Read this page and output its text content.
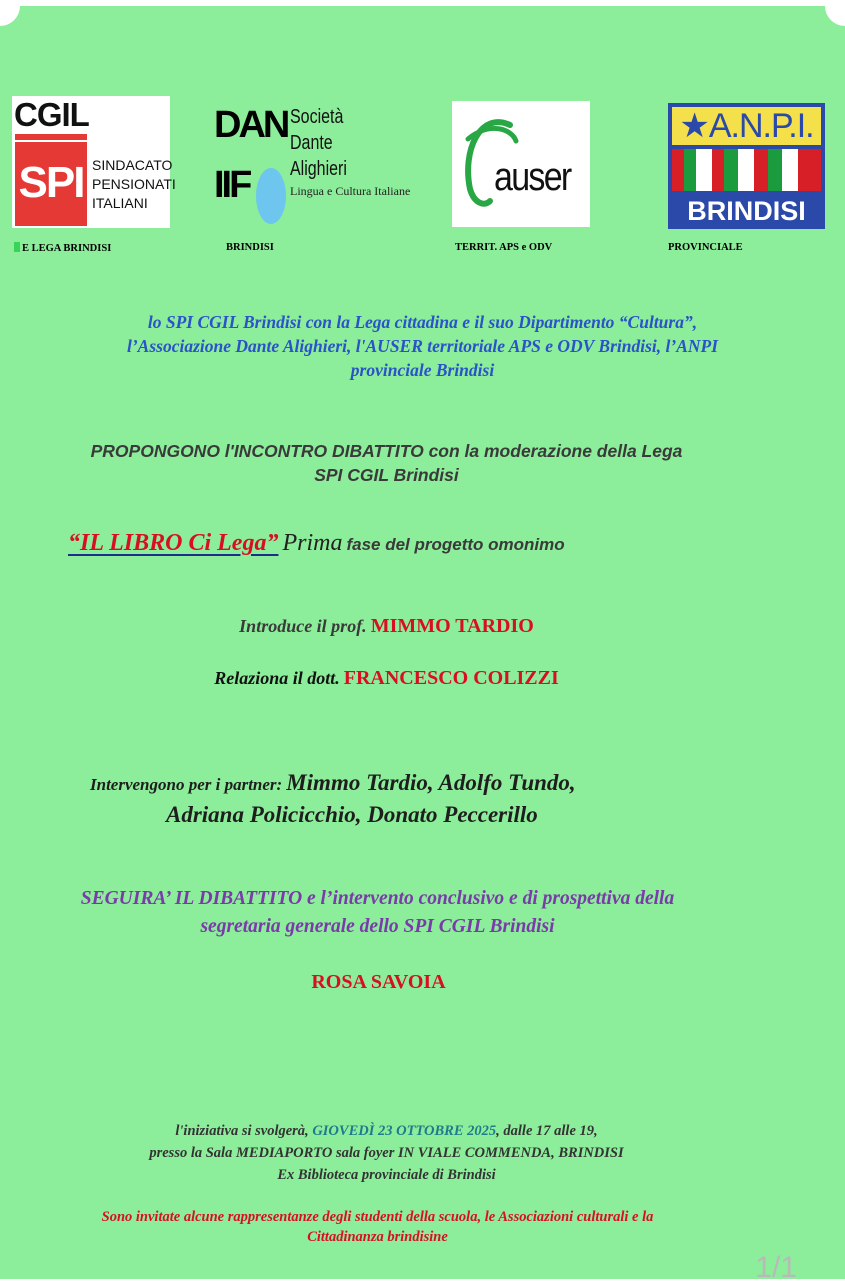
CGIL
SPI SINDACATO
PENSIONATI
ITALIANI
DAN
IIF
Società
Dante Alighieri
Lingua e Cultura Italiane auser
★A.N.P.I.
BRINDISI
E LEGA BRINDISI	BRINDISI	TERRIT. APS e ODV	PROVINCIALE
lo SPI CGIL Brindisi con la Lega cittadina e il suo Dipartimento “Cultura”,
l’Associazione Dante Alighieri, l'AUSER territoriale APS e ODV Brindisi, l’ANPI
provinciale Brindisi
PROPONGONO l'INCONTRO DIBATTITO con la moderazione della Lega
SPI CGIL Brindisi
“IL LIBRO Ci Lega” Prima fase del progetto omonimo
Introduce il prof. MIMMO TARDIO
Relaziona il dott. FRANCESCO COLIZZI
Intervengono per i partner: Mimmo Tardio, Adolfo Tundo,
Adriana Policicchio, Donato Peccerillo
SEGUIRA’ IL DIBATTITO e l’intervento conclusivo e di prospettiva della
segretaria generale dello SPI CGIL Brindisi
ROSA SAVOIA
l'iniziativa si svolgerà, GIOVEDÌ 23 OTTOBRE 2025, dalle 17 alle 19,
presso la Sala MEDIAPORTO sala foyer IN VIALE COMMENDA, BRINDISI
Ex Biblioteca provinciale di Brindisi
Sono invitate alcune rappresentanze degli studenti della scuola, le Associazioni culturali e la
Cittadinanza brindisine
1/1
